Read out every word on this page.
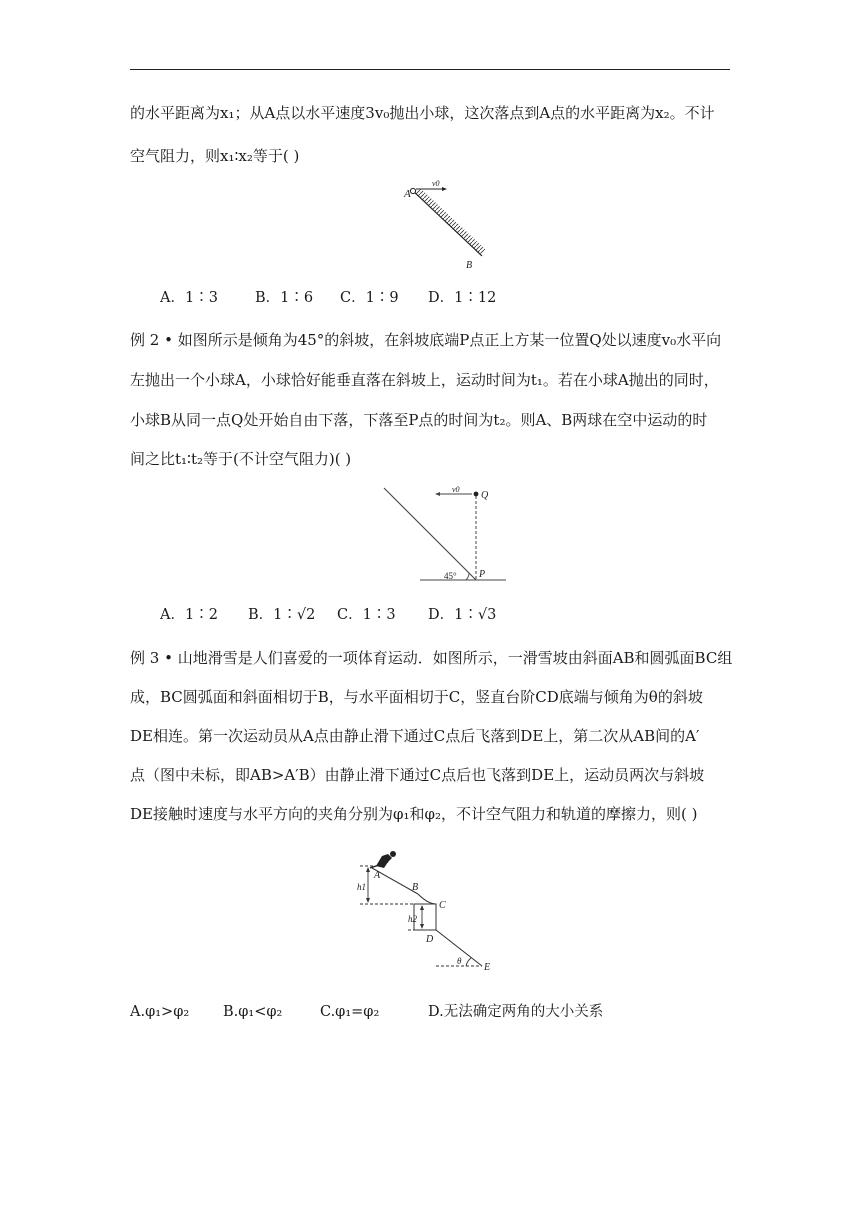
的水平距离为x₁；从A点以水平速度3v₀抛出小球，这次落点到A点的水平距离为x₂。不计
空气阻力，则x₁∶x₂等于( )
A
v0
B
A．1∶3	B．1∶6 C．1∶9 D．1∶12
例 2 • 如图所示是倾角为45°的斜坡，在斜坡底端P点正上方某一位置Q处以速度v₀水平向
左抛出一个小球A，小球恰好能垂直落在斜坡上，运动时间为t₁。若在小球A抛出的同时，
小球B从同一点Q处开始自由下落，下落至P点的时间为t₂。则A、B两球在空中运动的时
间之比t₁∶t₂等于(不计空气阻力)( )
v0
Q
P
45°
A．1∶2 B．1∶√2 C．1∶3 D．1∶√3
例 3 • 山地滑雪是人们喜爱的一项体育运动．如图所示，一滑雪坡由斜面AB和圆弧面BC组
成，BC圆弧面和斜面相切于B，与水平面相切于C，竖直台阶CD底端与倾角为θ的斜坡
DE相连。第一次运动员从A点由静止滑下通过C点后飞落到DE上，第二次从AB间的A′
点（图中未标，即AB>A′B）由静止滑下通过C点后也飞落到DE上，运动员两次与斜坡
DE接触时速度与水平方向的夹角分别为φ₁和φ₂，不计空气阻力和轨道的摩擦力，则( )
A
B
C
D
E
h1
h2
θ
A.φ₁>φ₂ B.φ₁<φ₂	C.φ₁=φ₂	D.无法确定两角的大小关系
